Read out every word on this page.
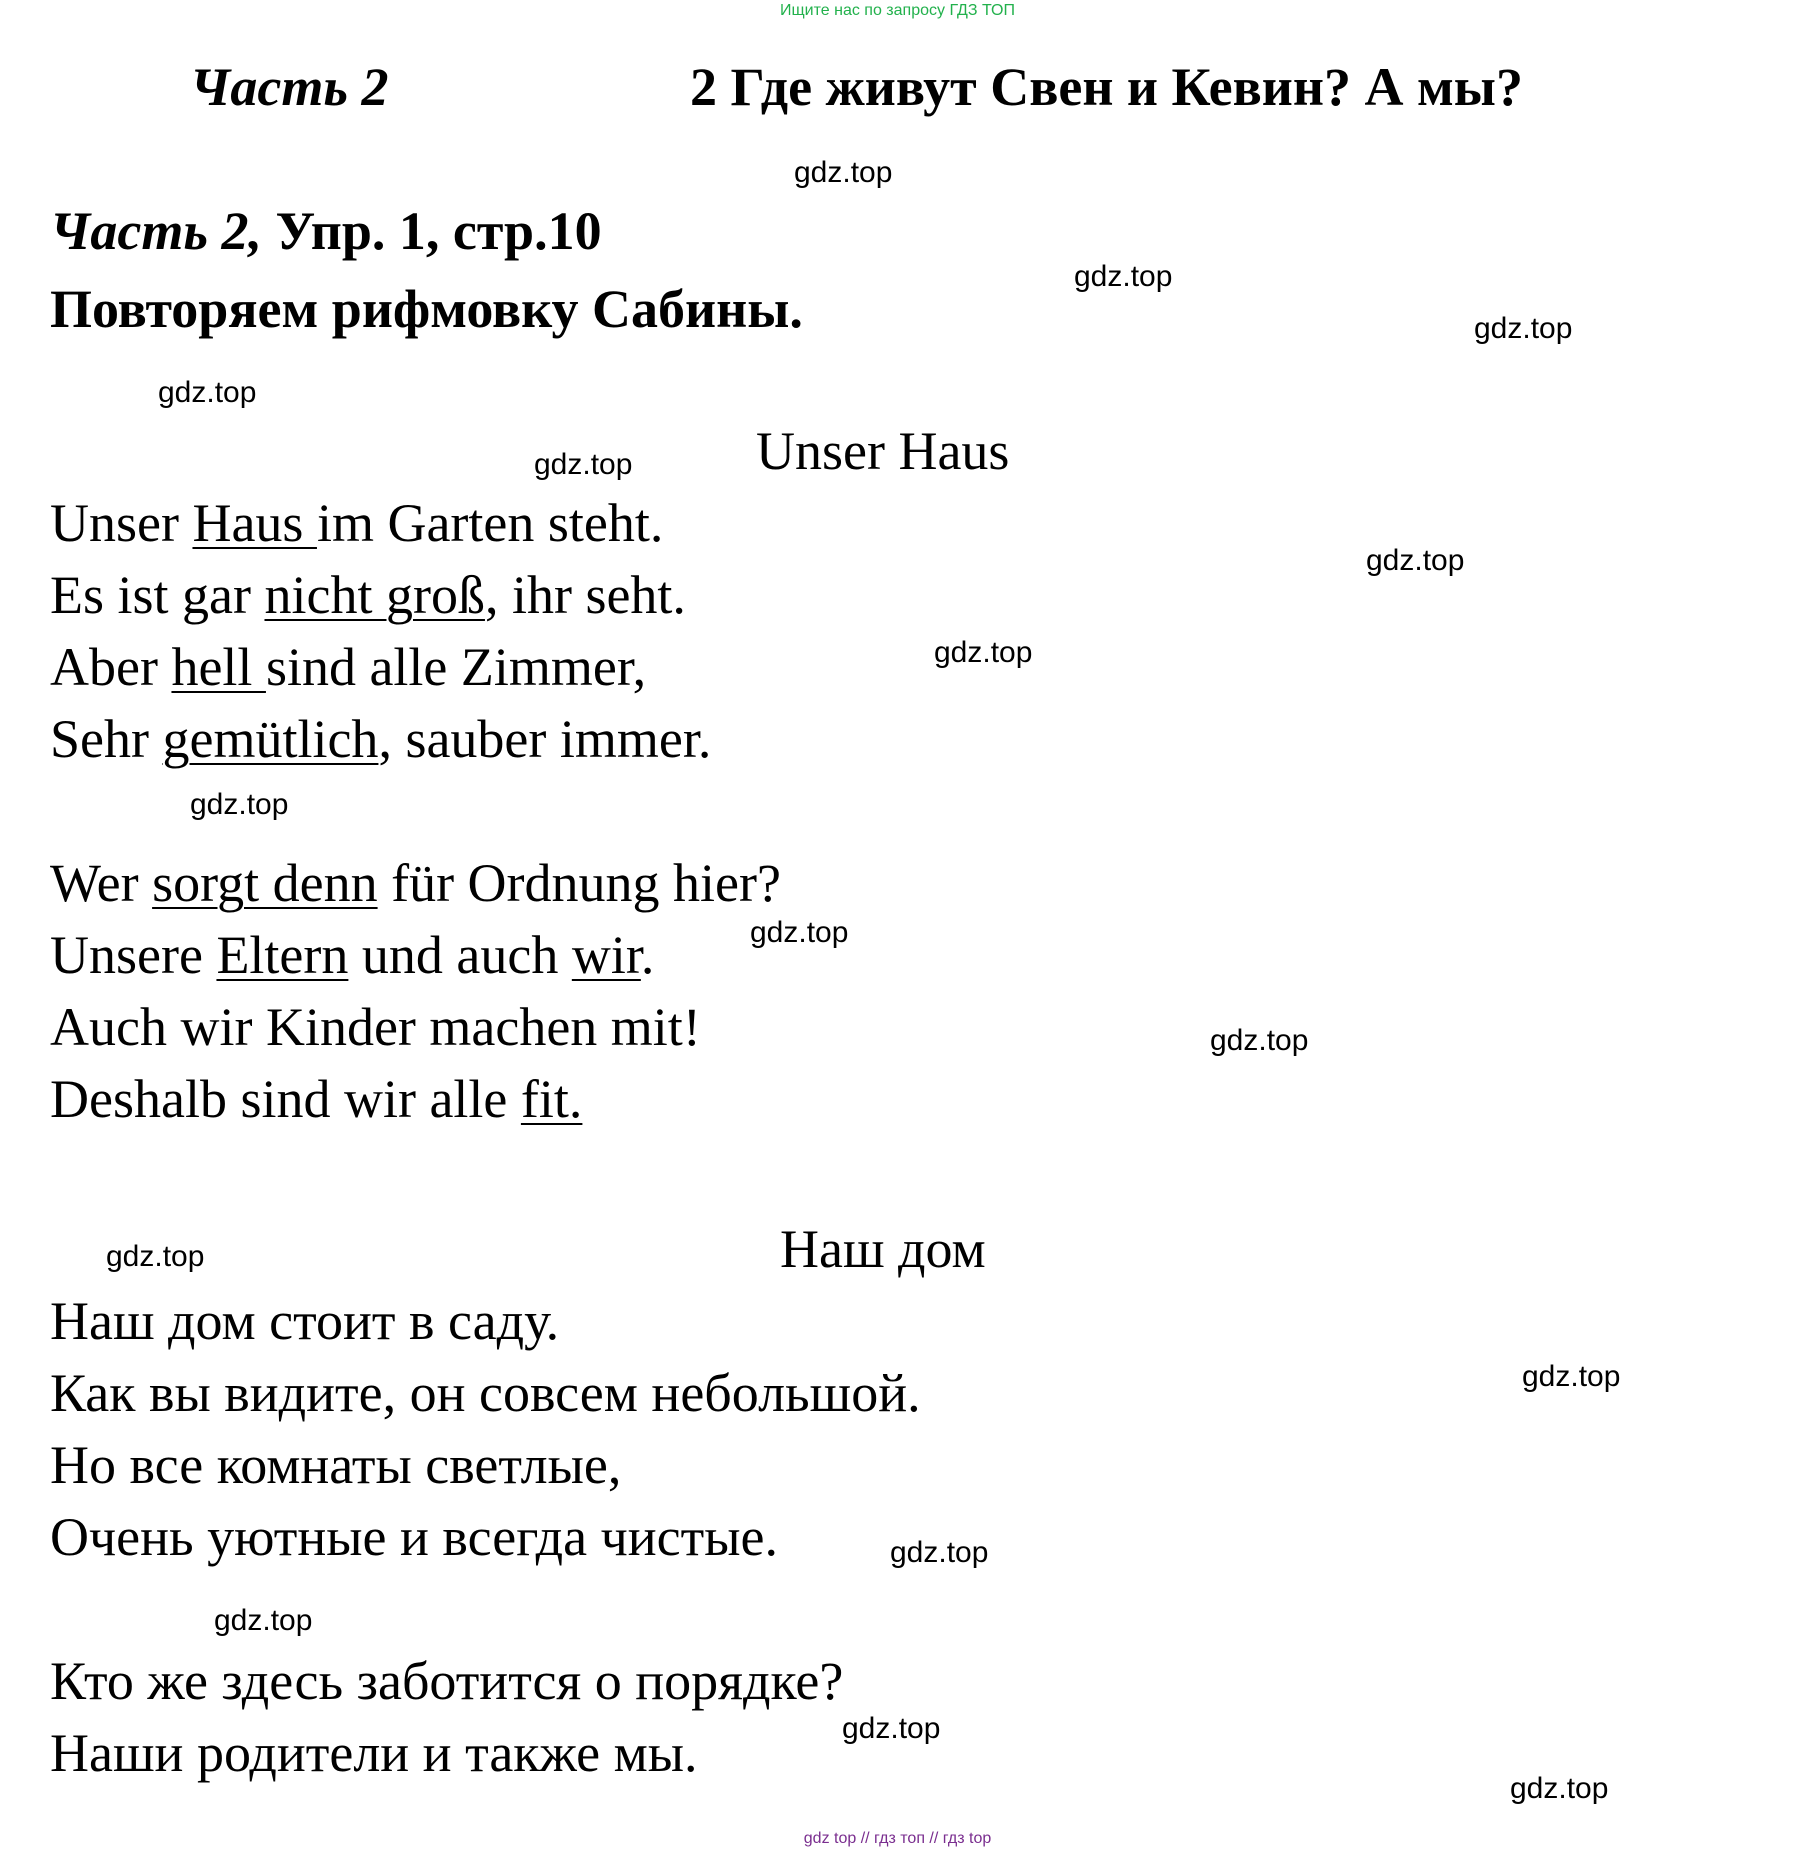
Ищите нас по запросу ГДЗ ТОП
Часть 2	2 Где живут Свен и Кевин? А мы?
Часть 2, Упр. 1, стр.10
Повторяем рифмовку Сабины.
Unser Haus
Unser Haus im Garten steht.
Es ist gar nicht groß, ihr seht.
Aber hell sind alle Zimmer,
Sehr gemütlich, sauber immer.
Wer sorgt denn für Ordnung hier?
Unsere Eltern und auch wir.
Auch wir Kinder machen mit!
Deshalb sind wir alle fit.
Наш дом
Наш дом стоит в саду.
Как вы видите, он совсем небольшой.
Но все комнаты светлые,
Очень уютные и всегда чистые.
Кто же здесь заботится о порядке?
Наши родители и также мы.
gdz.top
gdz.top
gdz.top
gdz.top
gdz.top
gdz.top
gdz.top
gdz.top
gdz.top
gdz.top
gdz.top
gdz.top
gdz.top
gdz.top
gdz.top
gdz.top
gdz top // гдз топ // гдз top
